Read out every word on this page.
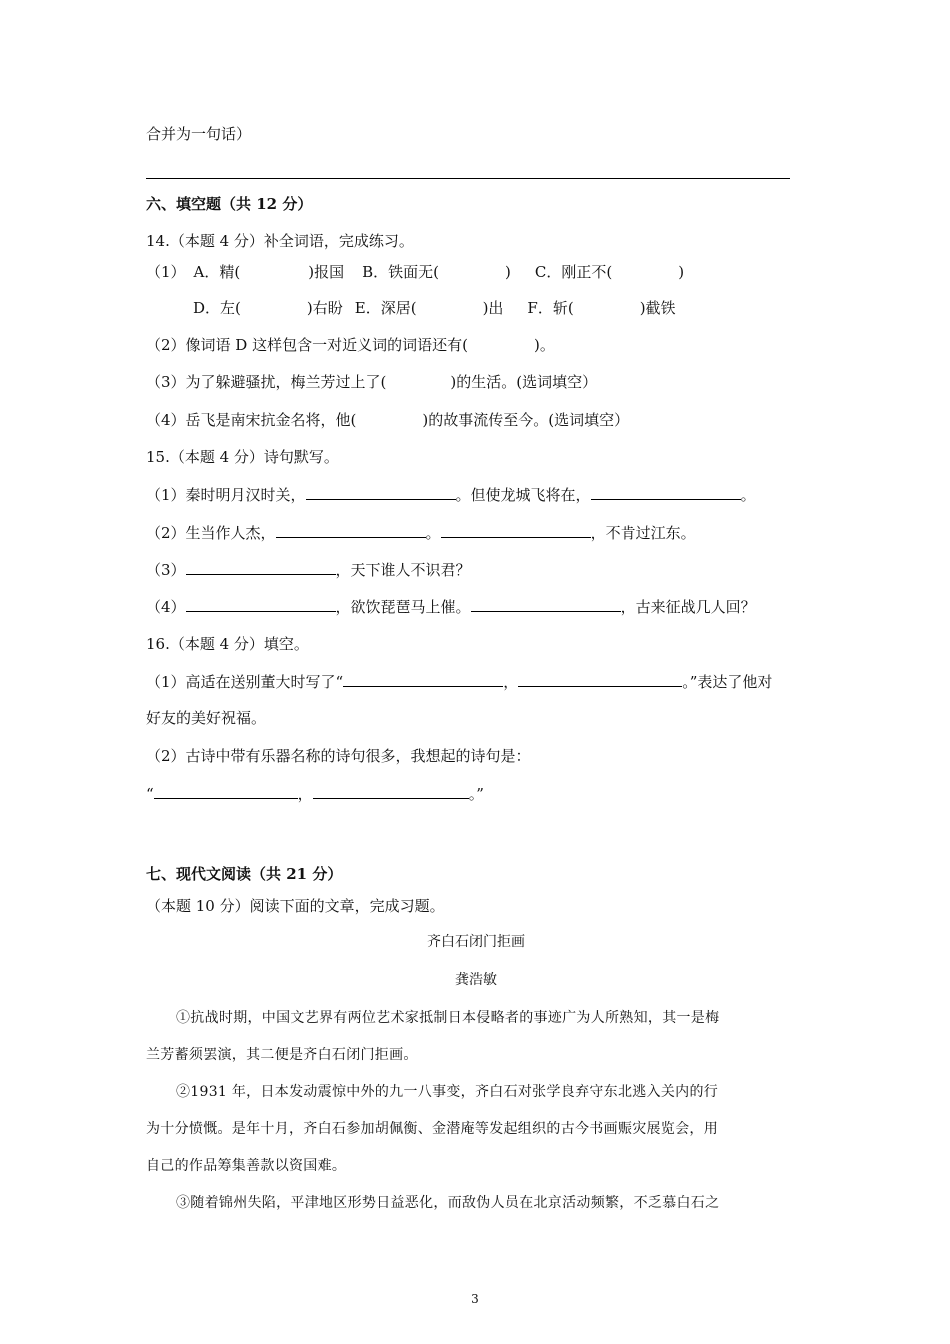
合并为一句话）
六、填空题（共 12 分）
14.（本题 4 分）补全词语，完成练习。
（1） A．精(	)报国 B．铁面无(	) C．刚正不(	)
D．左(	)右盼 E．深居(	)出 F．斩(	)截铁
（2）像词语 D 这样包含一对近义词的词语还有(	)。
（3）为了躲避骚扰，梅兰芳过上了(	)的生活。(选词填空）
（4）岳飞是南宋抗金名将，他(	)的故事流传至今。(选词填空）
15.（本题 4 分）诗句默写。
（1）秦时明月汉时关，	。但使龙城飞将在，	。
（2）生当作人杰，	。	，不肯过江东。
（3）	，天下谁人不识君？
（4）	，欲饮琵琶马上催。	，古来征战几人回？
16.（本题 4 分）填空。
（1）高适在送别董大时写了“	，	。”表达了他对
好友的美好祝福。
（2）古诗中带有乐器名称的诗句很多，我想起的诗句是：
“	，	。”
七、现代文阅读（共 21 分）
（本题 10 分）阅读下面的文章，完成习题。
齐白石闭门拒画
龚浩敏
①抗战时期，中国文艺界有两位艺术家抵制日本侵略者的事迹广为人所熟知，其一是梅
兰芳蓄须罢演，其二便是齐白石闭门拒画。
②1931 年，日本发动震惊中外的九一八事变，齐白石对张学良弃守东北逃入关内的行
为十分愤慨。是年十月，齐白石参加胡佩衡、金潜庵等发起组织的古今书画赈灾展览会，用
自己的作品筹集善款以资国难。
③随着锦州失陷，平津地区形势日益恶化，而敌伪人员在北京活动频繁，不乏慕白石之
3
